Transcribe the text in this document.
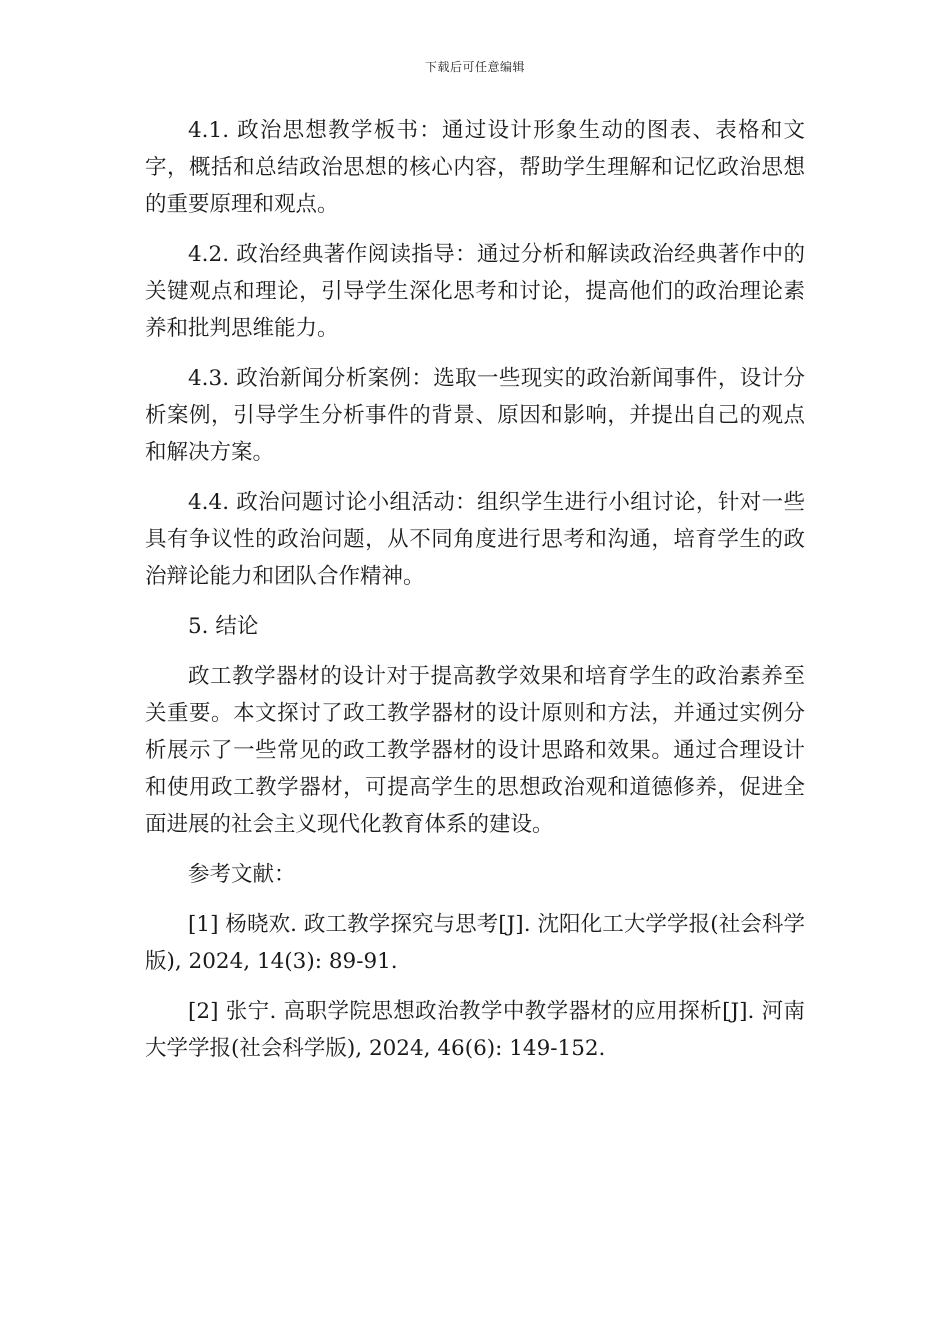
下载后可任意编辑

4.1. 政治思想教学板书：通过设计形象生动的图表、表格和文字，概括和总结政治思想的核心内容，帮助学生理解和记忆政治思想的重要原理和观点。

4.2. 政治经典著作阅读指导：通过分析和解读政治经典著作中的关键观点和理论，引导学生深化思考和讨论，提高他们的政治理论素养和批判思维能力。

4.3. 政治新闻分析案例：选取一些现实的政治新闻事件，设计分析案例，引导学生分析事件的背景、原因和影响，并提出自己的观点和解决方案。

4.4. 政治问题讨论小组活动：组织学生进行小组讨论，针对一些具有争议性的政治问题，从不同角度进行思考和沟通，培育学生的政治辩论能力和团队合作精神。

5. 结论

政工教学器材的设计对于提高教学效果和培育学生的政治素养至关重要。本文探讨了政工教学器材的设计原则和方法，并通过实例分析展示了一些常见的政工教学器材的设计思路和效果。通过合理设计和使用政工教学器材，可提高学生的思想政治观和道德修养，促进全面进展的社会主义现代化教育体系的建设。

参考文献：

[1] 杨晓欢. 政工教学探究与思考[J]. 沈阳化工大学学报(社会科学版), 2024, 14(3): 89-91.

[2] 张宁. 高职学院思想政治教学中教学器材的应用探析[J]. 河南大学学报(社会科学版), 2024, 46(6): 149-152.
